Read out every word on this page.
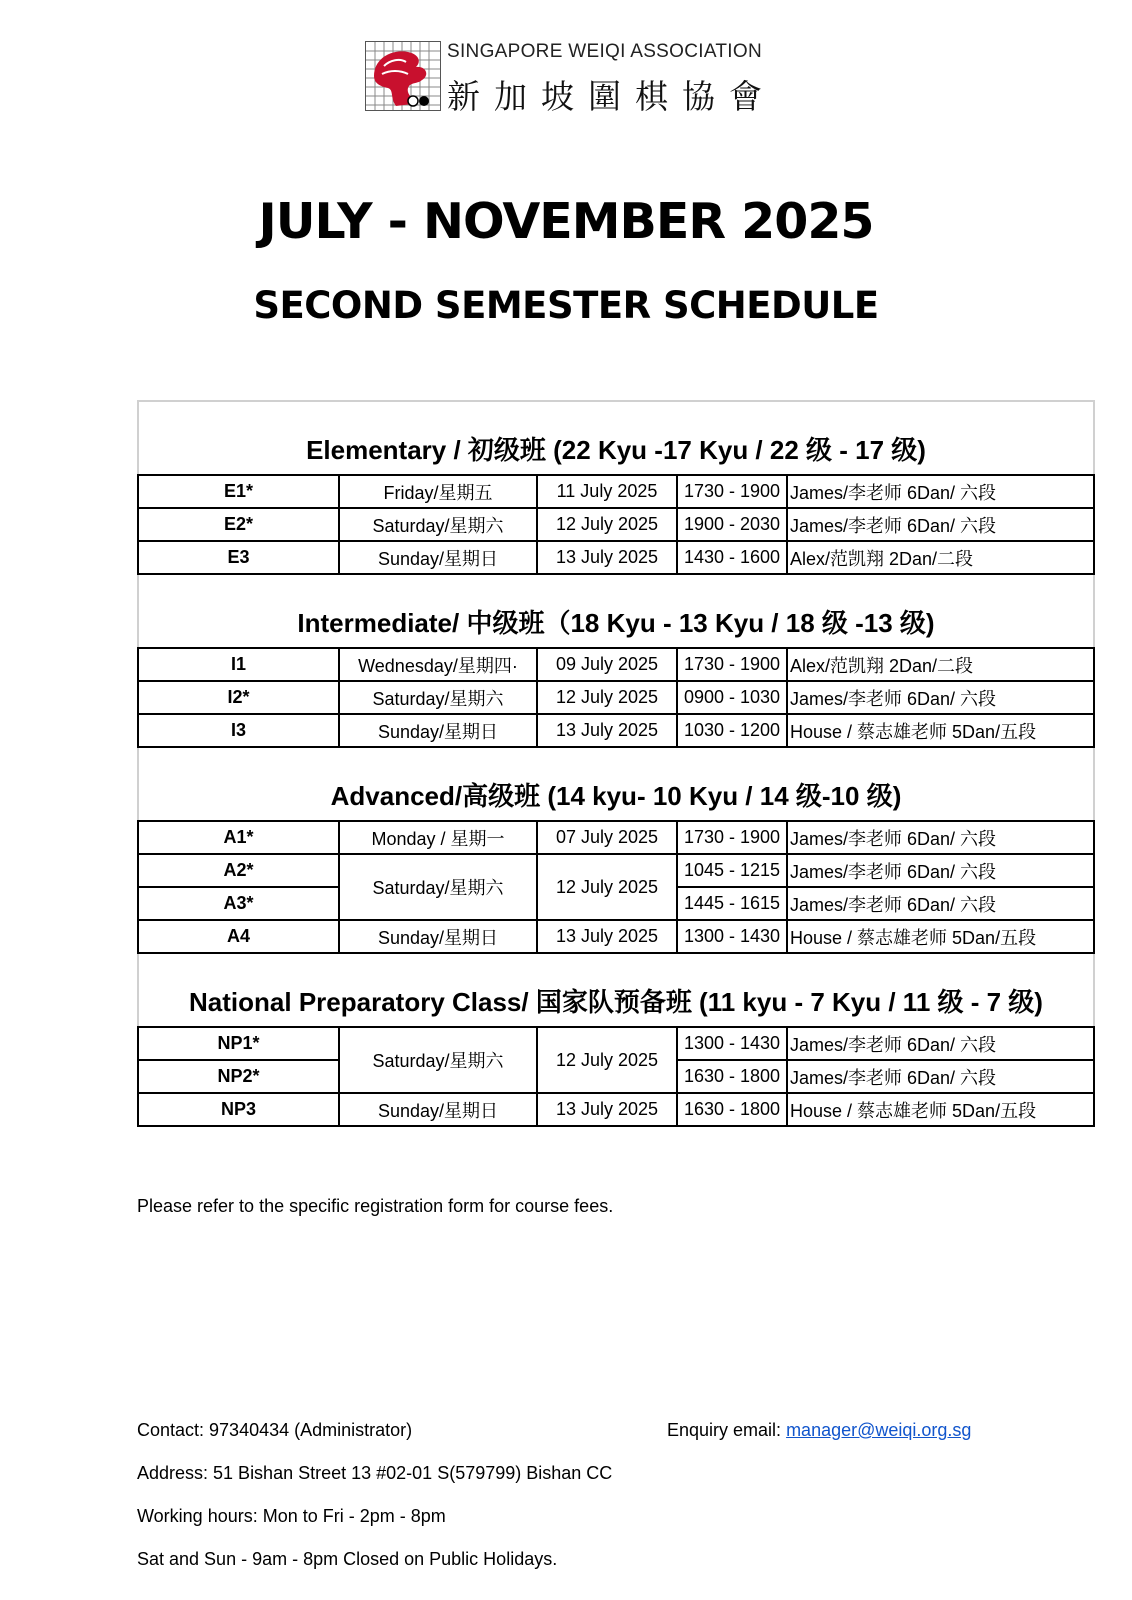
SINGAPORE WEIQI ASSOCIATION
新加坡圍棋協會
JULY - NOVEMBER 2025
SECOND SEMESTER SCHEDULE
Elementary / 初级班 (22 Kyu -17 Kyu / 22 级 - 17 级)
E1*	Friday/星期五	11 July 2025	1730 - 1900	James/李老师 6Dan/ 六段
E2*	Saturday/星期六	12 July 2025	1900 - 2030	James/李老师 6Dan/ 六段
E3	Sunday/星期日	13 July 2025	1430 - 1600	Alex/范凯翔 2Dan/二段
Intermediate/ 中级班（18 Kyu - 13 Kyu / 18 级 -13 级)
I1	Wednesday/星期四·	09 July 2025	1730 - 1900	Alex/范凯翔 2Dan/二段
I2*	Saturday/星期六	12 July 2025	0900 - 1030	James/李老师 6Dan/ 六段
I3	Sunday/星期日	13 July 2025	1030 - 1200	House / 蔡志雄老师 5Dan/五段
Advanced/高级班 (14 kyu- 10 Kyu / 14 级-10 级)
A1*	Monday / 星期一	07 July 2025	1730 - 1900	James/李老师 6Dan/ 六段
A2*	Saturday/星期六	12 July 2025	1045 - 1215	James/李老师 6Dan/ 六段
A3*			1445 - 1615	James/李老师 6Dan/ 六段
A4	Sunday/星期日	13 July 2025	1300 - 1430	House / 蔡志雄老师 5Dan/五段
National Preparatory Class/ 国家队预备班 (11 kyu - 7 Kyu / 11 级 - 7 级)
NP1*	Saturday/星期六	12 July 2025	1300 - 1430	James/李老师 6Dan/ 六段
NP2*			1630 - 1800	James/李老师 6Dan/ 六段
NP3	Sunday/星期日	13 July 2025	1630 - 1800	House / 蔡志雄老师 5Dan/五段
Please refer to the specific registration form for course fees.
Contact: 97340434 (Administrator)	Enquiry email: manager@weiqi.org.sg
Address: 51 Bishan Street 13 #02-01 S(579799) Bishan CC
Working hours: Mon to Fri - 2pm - 8pm
Sat and Sun - 9am - 8pm Closed on Public Holidays.
